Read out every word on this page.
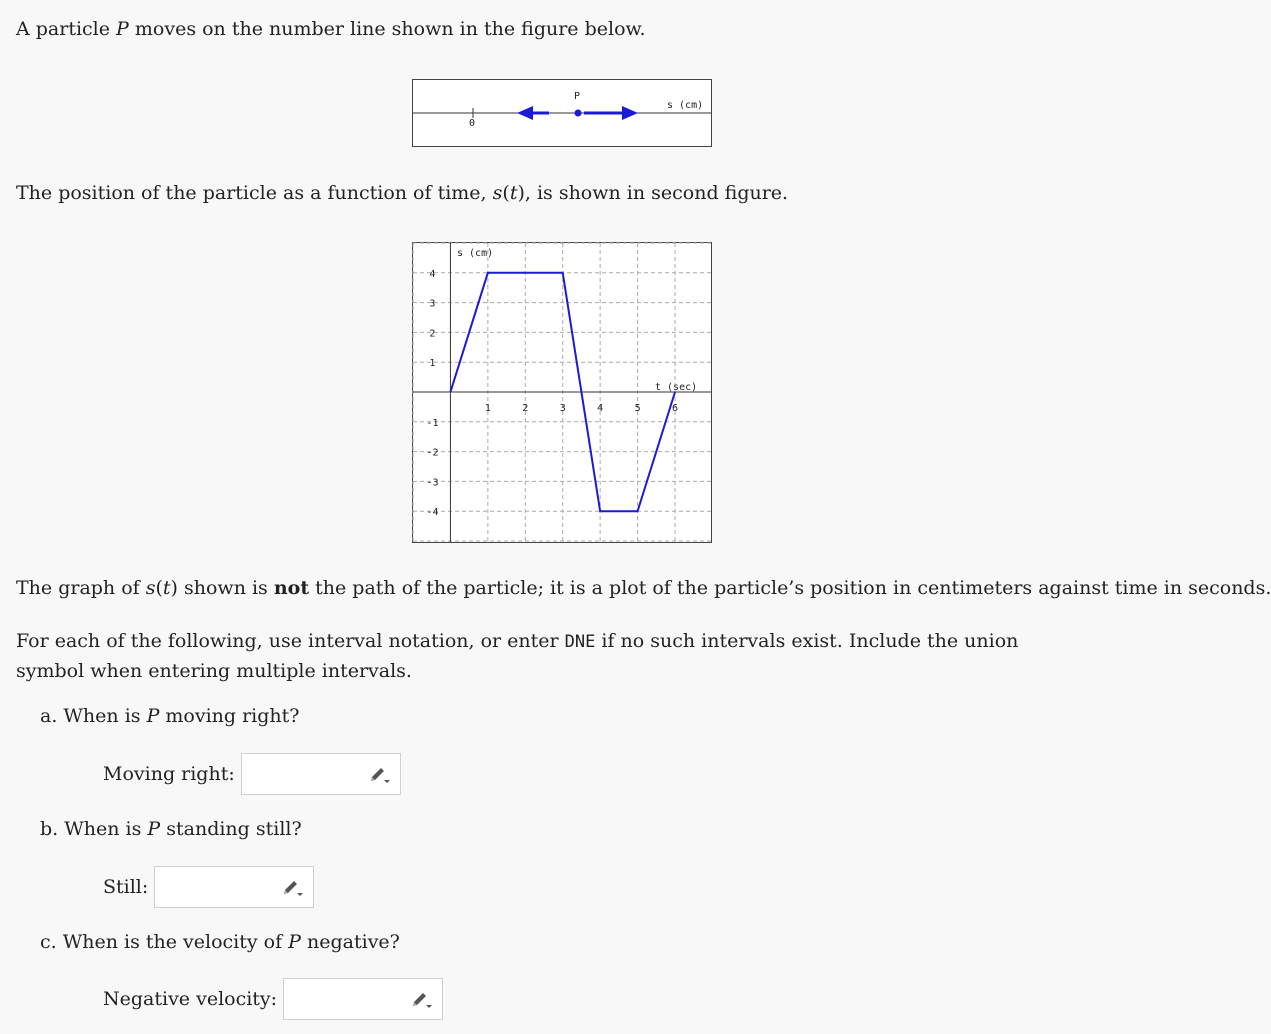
A particle P moves on the number line shown in the figure below.

0
P
s (cm)

The position of the particle as a function of time, s(t), is shown in second figure.

1	2	3	4	5	6
4
3
2
1
-1
-2
-3
-4
s (cm)
t (sec)

The graph of s(t) shown is not the path of the particle; it is a plot of the particle’s position in centimeters against time in seconds.

For each of the following, use interval notation, or enter DNE if no such intervals exist. Include the union symbol when entering multiple intervals.

a. When is P moving right?

Moving right:

b. When is P standing still?

Still:

c. When is the velocity of P negative?

Negative velocity:
